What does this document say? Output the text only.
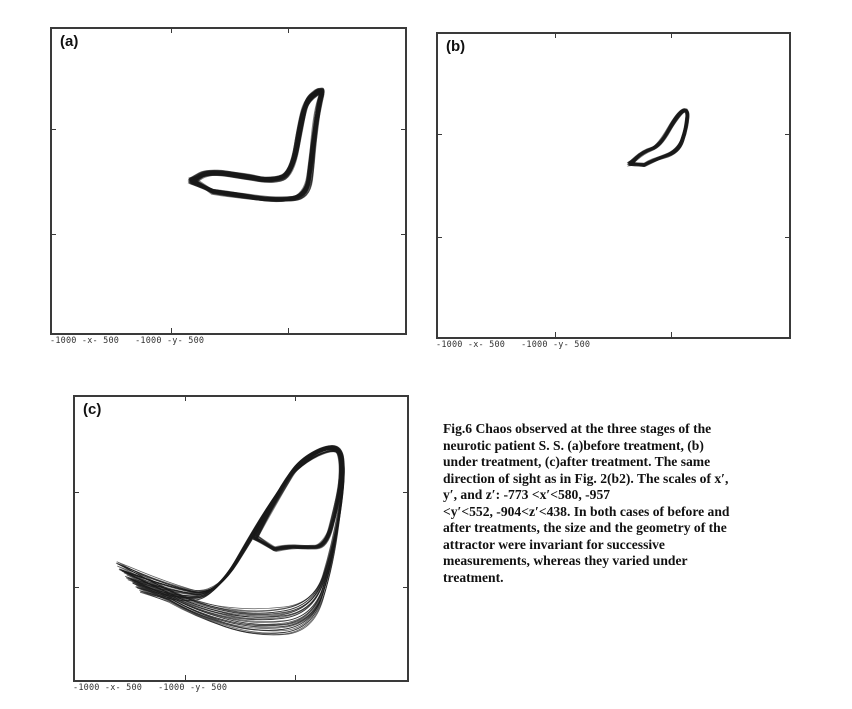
(a)
-1000 -x- 500   -1000 -y- 500
(b)
-1000 -x- 500   -1000 -y- 500
(c)
-1000 -x- 500   -1000 -y- 500
Fig.6 Chaos observed at the three stages of the
neurotic patient S. S. (a)before treatment, (b)
under treatment, (c)after treatment. The same
direction of sight as in Fig. 2(b2). The scales of x′,
y′, and z′: -773 <x′<580, -957
<y′<552, -904<z′<438. In both cases of before and
after treatments, the size and the geometry of the
attractor were invariant for successive
measurements, whereas they varied under
treatment.
